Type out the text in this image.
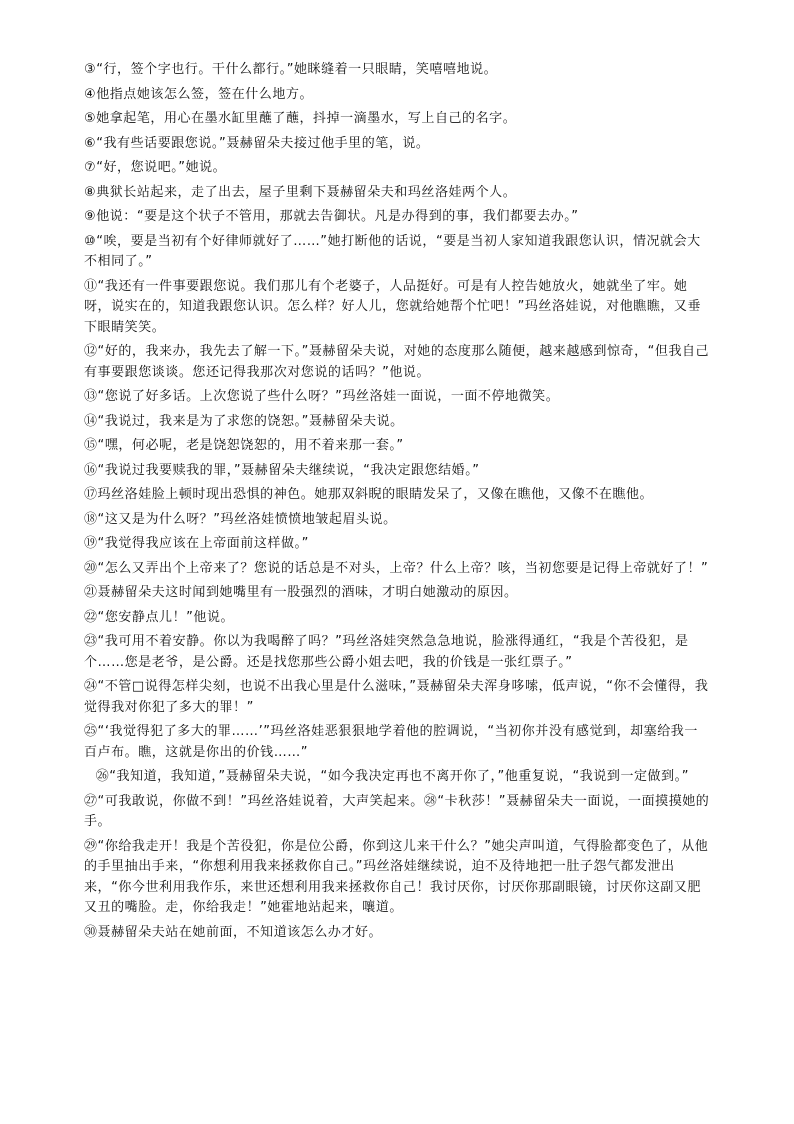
③“行，签个字也行。干什么都行。”她眯缝着一只眼睛，笑嘻嘻地说。

④他指点她该怎么签，签在什么地方。

⑤她拿起笔，用心在墨水缸里蘸了蘸，抖掉一滴墨水，写上自己的名字。

⑥“我有些话要跟您说。”聂赫留朵夫接过他手里的笔，说。

⑦“好，您说吧。”她说。

⑧典狱长站起来，走了出去，屋子里剩下聂赫留朵夫和玛丝洛娃两个人。

⑨他说：“要是这个状子不管用，那就去告御状。凡是办得到的事，我们都要去办。”

⑩“唉，要是当初有个好律师就好了……”她打断他的话说，“要是当初人家知道我跟您认识，情况就会大不相同了。”

⑪“我还有一件事要跟您说。我们那儿有个老婆子，人品挺好。可是有人控告她放火，她就坐了牢。她呀，说实在的，知道我跟您认识。怎么样？好人儿，您就给她帮个忙吧！”玛丝洛娃说，对他瞧瞧，又垂下眼睛笑笑。

⑫“好的，我来办，我先去了解一下。”聂赫留朵夫说，对她的态度那么随便，越来越感到惊奇，“但我自己有事要跟您谈谈。您还记得我那次对您说的话吗？”他说。

⑬“您说了好多话。上次您说了些什么呀？”玛丝洛娃一面说，一面不停地微笑。

⑭“我说过，我来是为了求您的饶恕。”聂赫留朵夫说。

⑮“嘿，何必呢，老是饶恕饶恕的，用不着来那一套。”

⑯“我说过我要赎我的罪，”聂赫留朵夫继续说，“我决定跟您结婚。”

⑰玛丝洛娃脸上顿时现出恐惧的神色。她那双斜睨的眼睛发呆了，又像在瞧他，又像不在瞧他。

⑱“这又是为什么呀？”玛丝洛娃愤愤地皱起眉头说。

⑲“我觉得我应该在上帝面前这样做。”

⑳“怎么又弄出个上帝来了？您说的话总是不对头，上帝？什么上帝？咳，当初您要是记得上帝就好了！”

㉑聂赫留朵夫这时闻到她嘴里有一股强烈的酒味，才明白她激动的原因。

㉒“您安静点儿！”他说。

㉓“我可用不着安静。你以为我喝醉了吗？”玛丝洛娃突然急急地说，脸涨得通红，“我是个苦役犯，是个……您是老爷，是公爵。还是找您那些公爵小姐去吧，我的价钱是一张红票子。”

㉔“不管□说得怎样尖刻，也说不出我心里是什么滋味，”聂赫留朵夫浑身哆嗦，低声说，“你不会懂得，我觉得我对你犯了多大的罪！”

㉕“‘我觉得犯了多大的罪……’”玛丝洛娃恶狠狠地学着他的腔调说，“当初你并没有感觉到，却塞给我一百卢布。瞧，这就是你出的价钱……”

㉖“我知道，我知道，”聂赫留朵夫说，“如今我决定再也不离开你了，”他重复说，“我说到一定做到。”

㉗“可我敢说，你做不到！”玛丝洛娃说着，大声笑起来。㉘“卡秋莎！”聂赫留朵夫一面说，一面摸摸她的手。

㉙“你给我走开！我是个苦役犯，你是位公爵，你到这儿来干什么？”她尖声叫道，气得脸都变色了，从他的手里抽出手来，“你想利用我来拯救你自己。”玛丝洛娃继续说，迫不及待地把一肚子怨气都发泄出来，“你今世利用我作乐，来世还想利用我来拯救你自己！我讨厌你，讨厌你那副眼镜，讨厌你这副又肥又丑的嘴脸。走，你给我走！”她霍地站起来，嚷道。

㉚聂赫留朵夫站在她前面，不知道该怎么办才好。
